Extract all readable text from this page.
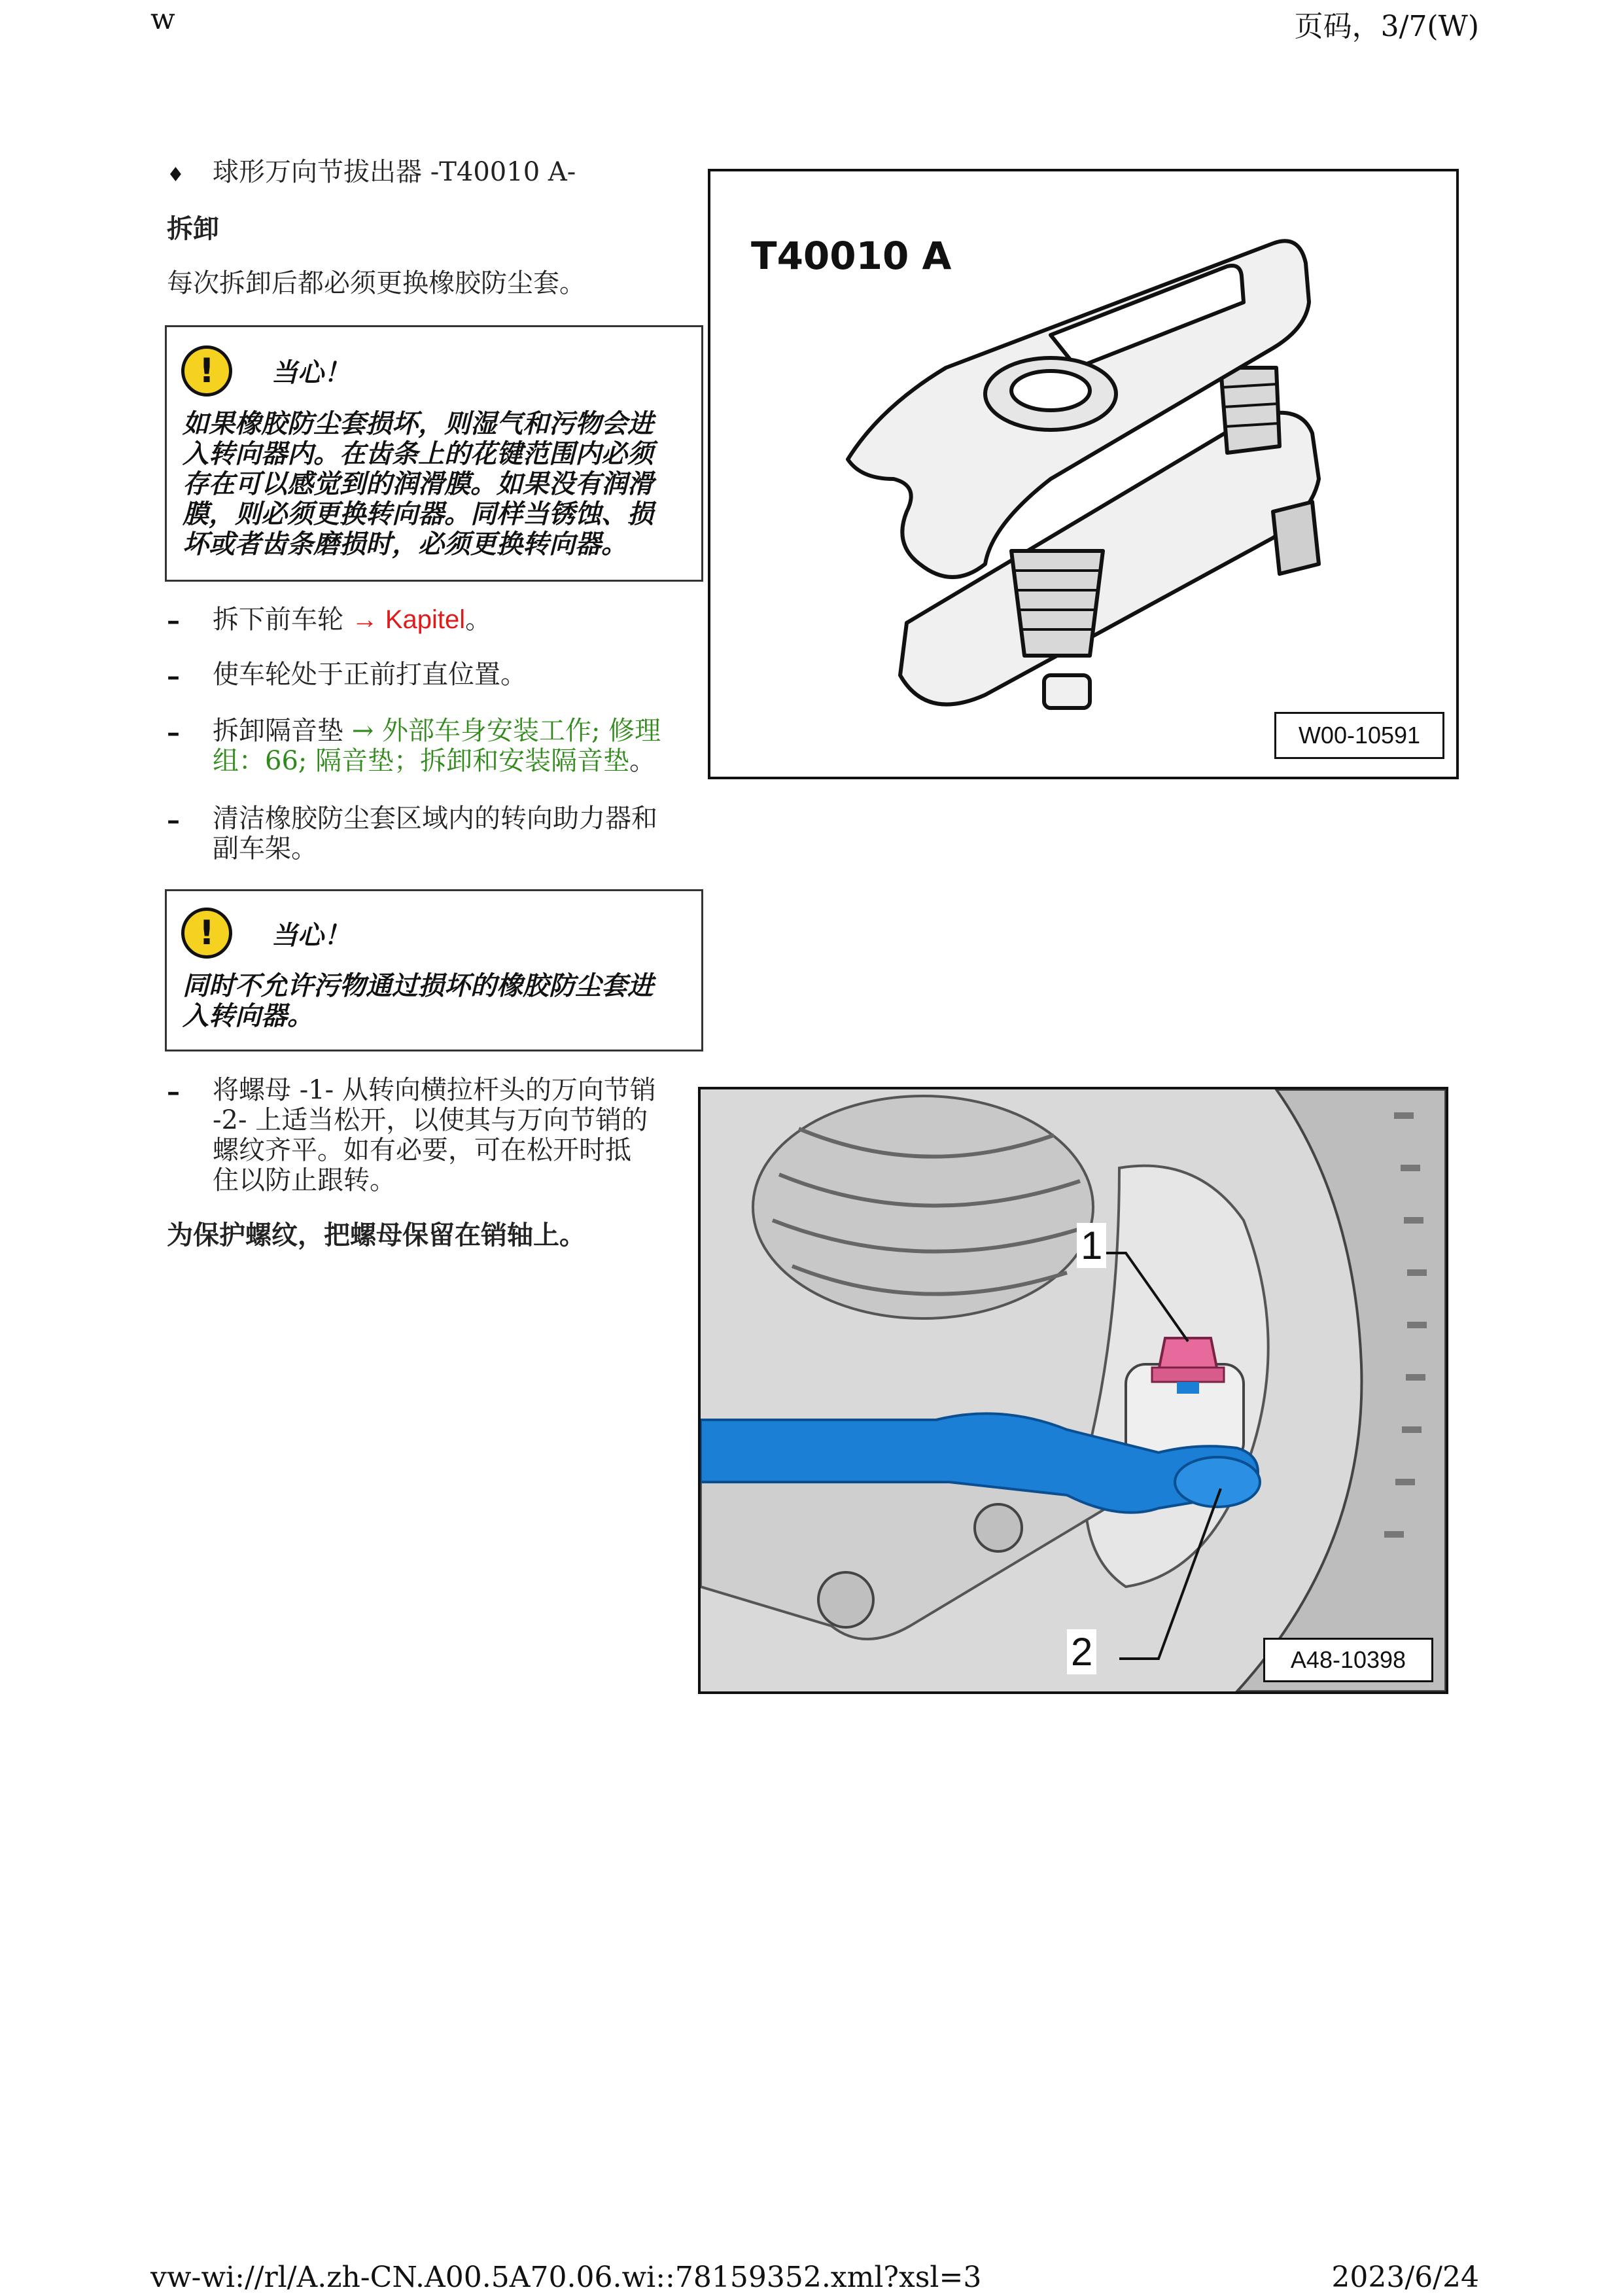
w	页码，3/7(W)
♦ 球形万向节拔出器 -T40010 A-
拆卸
每次拆卸后都必须更换橡胶防尘套。
!	当心！
如果橡胶防尘套损坏，则湿气和污物会进
入转向器内。在齿条上的花键范围内必须
存在可以感觉到的润滑膜。如果没有润滑
膜，则必须更换转向器。同样当锈蚀、损
坏或者齿条磨损时，必须更换转向器。
– 拆下前车轮 → Kapitel。
– 使车轮处于正前打直位置。
– 拆卸隔音垫 → 外部车身安装工作; 修理
组：66; 隔音垫；拆卸和安装隔音垫。
– 清洁橡胶防尘套区域内的转向助力器和
副车架。
!	当心！
同时不允许污物通过损坏的橡胶防尘套进
入转向器。
– 将螺母 -1- 从转向横拉杆头的万向节销
-2- 上适当松开，以使其与万向节销的
螺纹齐平。如有必要，可在松开时抵
住以防止跟转。
为保护螺纹，把螺母保留在销轴上。
T40010 A
W00-10591
1
2	A48-10398
vw-wi://rl/A.zh-CN.A00.5A70.06.wi::78159352.xml?xsl=3	2023/6/24
